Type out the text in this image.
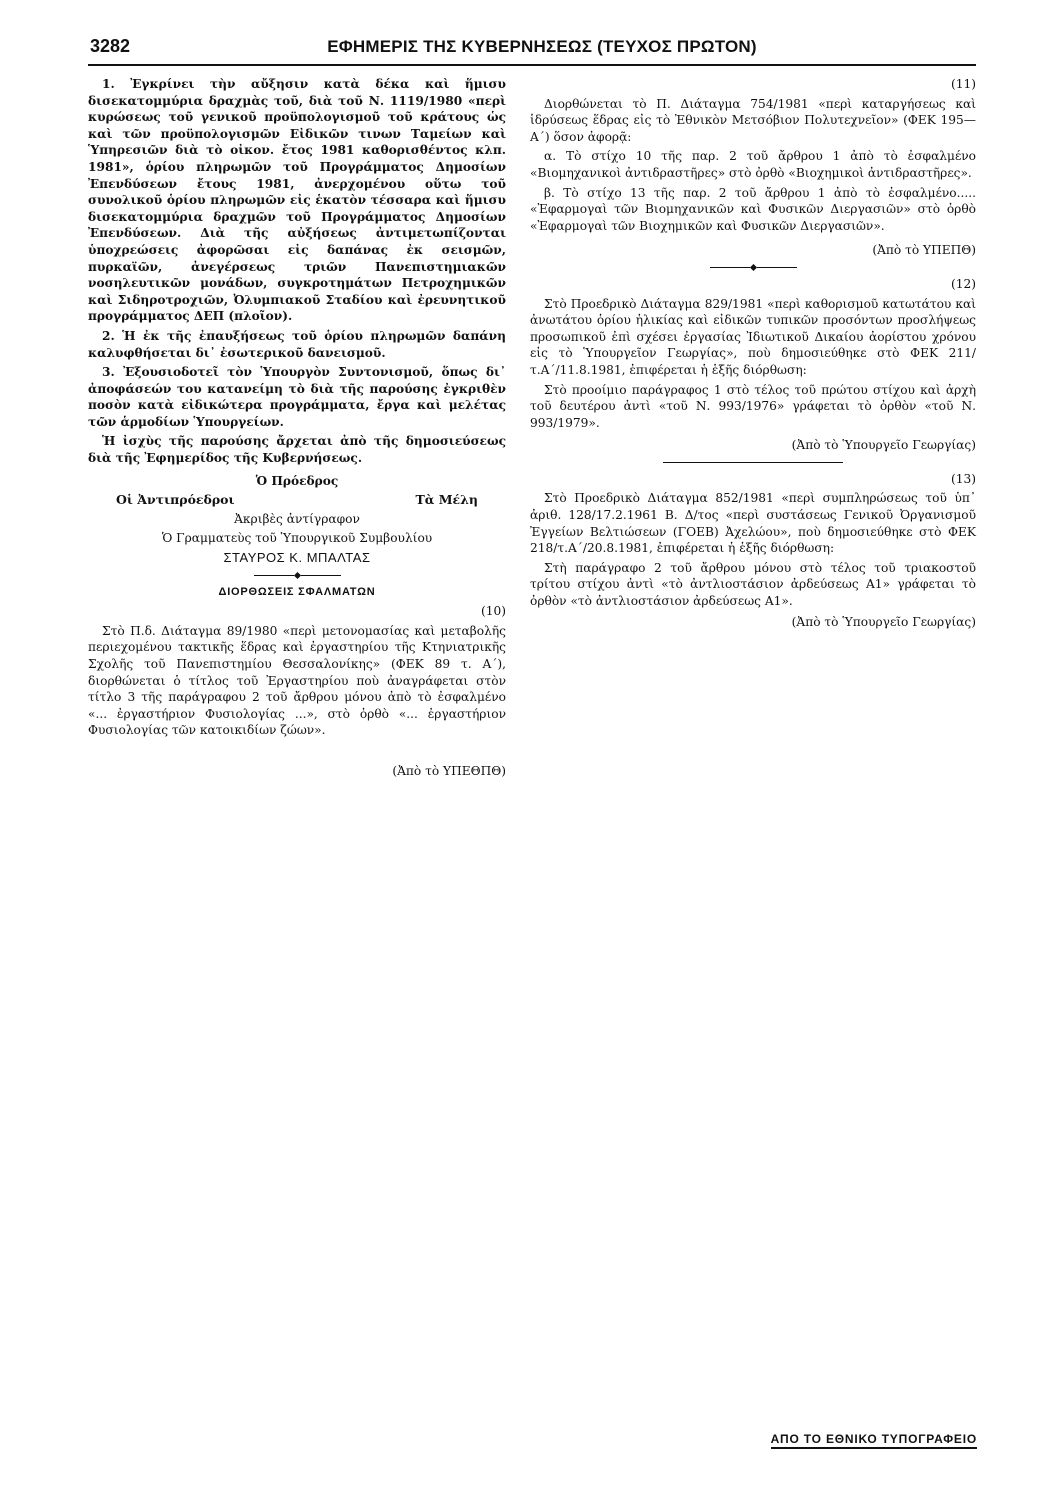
3282	ΕΦΗΜΕΡΙΣ ΤΗΣ ΚΥΒΕΡΝΗΣΕΩΣ (ΤΕΥΧΟΣ ΠΡΩΤΟΝ)

1. Ἐγκρίνει τὴν αὔξησιν κατὰ δέκα καὶ ἥμισυ δισεκατομμύρια δραχμὰς τοῦ, διὰ τοῦ Ν. 1119/1980 «περὶ κυρώσεως τοῦ γενικοῦ προϋπολογισμοῦ τοῦ κράτους ὡς καὶ τῶν προϋπολογισμῶν Εἰδικῶν τινων Ταμείων καὶ Ὑπηρεσιῶν διὰ τὸ οἰκον. ἔτος 1981 καθορισθέντος κλπ. 1981», ὁρίου πληρωμῶν τοῦ Προγράμματος Δημοσίων Ἐπενδύσεων ἔτους 1981, ἀνερχομένου οὕτω τοῦ συνολικοῦ ὁρίου πληρωμῶν εἰς ἑκατὸν τέσσαρα καὶ ἥμισυ δισεκατομμύρια δραχμῶν τοῦ Προγράμματος Δημοσίων Ἐπενδύσεων. Διὰ τῆς αὐξήσεως ἀντιμετωπίζονται ὑποχρεώσεις ἀφορῶσαι εἰς δαπάνας ἐκ σεισμῶν, πυρκαϊῶν, ἀνεγέρσεως τριῶν Πανεπιστημιακῶν νοσηλευτικῶν μονάδων, συγκροτημάτων Πετροχημικῶν καὶ Σιδηροτροχιῶν, Ὀλυμπιακοῦ Σταδίου καὶ ἐρευνητικοῦ προγράμματος ΔΕΠ (πλοῖον).

2. Ἡ ἐκ τῆς ἐπαυξήσεως τοῦ ὁρίου πληρωμῶν δαπάνη καλυφθήσεται δι᾽ ἐσωτερικοῦ δανεισμοῦ.

3. Ἐξουσιοδοτεῖ τὸν Ὑπουργὸν Συντονισμοῦ, ὅπως δι᾽ ἀποφάσεών του κατανείμη τὸ διὰ τῆς παρούσης ἐγκριθὲν ποσὸν κατὰ εἰδικώτερα προγράμματα, ἔργα καὶ μελέτας τῶν ἁρμοδίων Ὑπουργείων.

Ἡ ἰσχὺς τῆς παρούσης ἄρχεται ἀπὸ τῆς δημοσιεύσεως διὰ τῆς Ἐφημερίδος τῆς Κυβερνήσεως.

Ὁ Πρόεδρος

Οἱ Ἀντιπρόεδροι	Τὰ Μέλη

Ἀκριβὲς ἀντίγραφον

Ὁ Γραμματεὺς τοῦ Ὑπουργικοῦ Συμβουλίου

ΣΤΑΥΡΟΣ Κ. ΜΠΑΛΤΑΣ

ΔΙΟΡΘΩΣΕΙΣ ΣΦΑΛΜΑΤΩΝ

(10)

Στὸ Π.δ. Διάταγμα 89/1980 «περὶ μετονομασίας καὶ μεταβολῆς περιεχομένου τακτικῆς ἕδρας καὶ ἐργαστηρίου τῆς Κτηνιατρικῆς Σχολῆς τοῦ Πανεπιστημίου Θεσσαλονίκης» (ΦΕΚ 89 τ. Α΄), διορθώνεται ὁ τίτλος τοῦ Ἐργαστηρίου ποὺ ἀναγράφεται στὸν τίτλο 3 τῆς παράγραφου 2 τοῦ ἄρθρου μόνου ἀπὸ τὸ ἐσφαλμένο «... ἐργαστήριον Φυσιολογίας ...», στὸ ὀρθὸ «... ἐργαστήριον Φυσιολογίας τῶν κατοικιδίων ζώων».

(Ἀπὸ τὸ ΥΠΕΘΠΘ)

(11)

Διορθώνεται τὸ Π. Διάταγμα 754/1981 «περὶ καταργήσεως καὶ ἱδρύσεως ἕδρας εἰς τὸ Ἐθνικὸν Μετσόβιον Πολυτεχνεῖον» (ΦΕΚ 195—Α΄) ὅσον ἀφορᾷ:

α. Τὸ στίχο 10 τῆς παρ. 2 τοῦ ἄρθρου 1 ἀπὸ τὸ ἐσφαλμένο «Βιομηχανικοὶ ἀντιδραστῆρες» στὸ ὀρθὸ «Βιοχημικοὶ ἀντιδραστῆρες».

β. Τὸ στίχο 13 τῆς παρ. 2 τοῦ ἄρθρου 1 ἀπὸ τὸ ἐσφαλμένο..... «Ἐφαρμογαὶ τῶν Βιομηχανικῶν καὶ Φυσικῶν Διεργασιῶν» στὸ ὀρθὸ «Ἐφαρμογαὶ τῶν Βιοχημικῶν καὶ Φυσικῶν Διεργασιῶν».

(Ἀπὸ τὸ ΥΠΕΠΘ)

(12)

Στὸ Προεδρικὸ Διάταγμα 829/1981 «περὶ καθορισμοῦ κατωτάτου καὶ ἀνωτάτου ὁρίου ἡλικίας καὶ εἰδικῶν τυπικῶν προσόντων προσλήψεως προσωπικοῦ ἐπὶ σχέσει ἐργασίας Ἰδιωτικοῦ Δικαίου ἀορίστου χρόνου εἰς τὸ Ὑπουργεῖον Γεωργίας», ποὺ δημοσιεύθηκε στὸ ΦΕΚ 211/τ.Α΄/11.8.1981, ἐπιφέρεται ἡ ἑξῆς διόρθωση:

Στὸ προοίμιο παράγραφος 1 στὸ τέλος τοῦ πρώτου στίχου καὶ ἀρχὴ τοῦ δευτέρου ἀντὶ «τοῦ Ν. 993/1976» γράφεται τὸ ὀρθὸν «τοῦ Ν. 993/1979».

(Ἀπὸ τὸ Ὑπουργεῖο Γεωργίας)

(13)

Στὸ Προεδρικὸ Διάταγμα 852/1981 «περὶ συμπληρώσεως τοῦ ὑπ᾽ ἀριθ. 128/17.2.1961 Β. Δ/τος «περὶ συστάσεως Γενικοῦ Ὀργανισμοῦ Ἐγγείων Βελτιώσεων (ΓΟΕΒ) Ἀχελώου», ποὺ δημοσιεύθηκε στὸ ΦΕΚ 218/τ.Α΄/20.8.1981, ἐπιφέρεται ἡ ἑξῆς διόρθωση:

Στὴ παράγραφο 2 τοῦ ἄρθρου μόνου στὸ τέλος τοῦ τριακοστοῦ τρίτου στίχου ἀντὶ «τὸ ἀντλιοστάσιον ἀρδεύσεως Α1» γράφεται τὸ ὀρθὸν «τὸ ἀντλιοστάσιον ἀρδεύσεως Α1».

(Ἀπὸ τὸ Ὑπουργεῖο Γεωργίας)

ΑΠΟ ΤΟ ΕΘΝΙΚΟ ΤΥΠΟΓΡΑΦΕΙΟ
